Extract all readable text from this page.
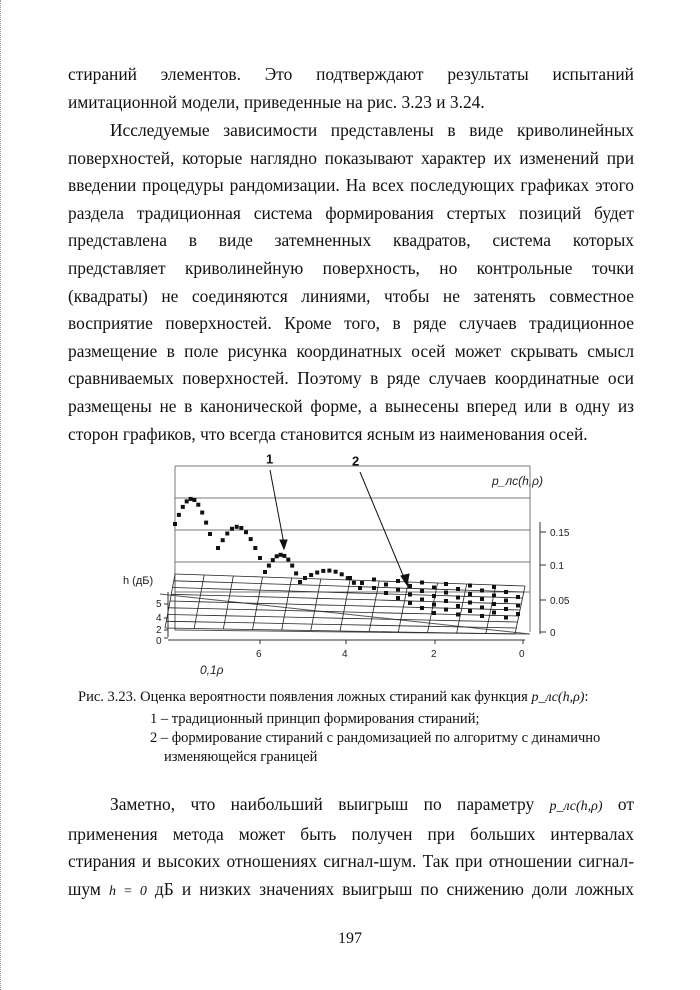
стираний элементов. Это подтверждают результаты испытаний
имитационной модели, приведенные на рис. 3.23 и 3.24.
Исследуемые зависимости представлены в виде криволинейных
поверхностей, которые наглядно показывают характер их изменений при
введении процедуры рандомизации. На всех последующих графиках этого
раздела традиционная система формирования стертых позиций будет
представлена в виде затемненных квадратов, система которых
представляет криволинейную поверхность, но контрольные точки
(квадраты) не соединяются линиями, чтобы не затенять совместное
восприятие поверхностей. Кроме того, в ряде случаев традиционное
размещение в поле рисунка координатных осей может скрывать смысл
сравниваемых поверхностей. Поэтому в ряде случаев координатные оси
размещены не в канонической форме, а вынесены вперед или в одну из
сторон графиков, что всегда становится ясным из наименования осей.
0.15
0.1
0.05
0
p_лс(h,ρ)
1	2
h (дБ)
5
4
2
0
6	4	2	0
0,1ρ

Рис. 3.23. Оценка вероятности появления ложных стираний как функция p_лс(h,ρ):

1 – традиционный принцип формирования стираний;

2 – формирование стираний с рандомизацией по алгоритму с динамично

изменяющейся границей

Заметно, что наибольший выигрыш по параметру p_лс(h,ρ) от
применения метода может быть получен при больших интервалах
стирания и высоких отношениях сигнал-шум. Так при отношении сигнал-
шум h = 0 дБ и низких значениях выигрыш по снижению доли ложных
197
